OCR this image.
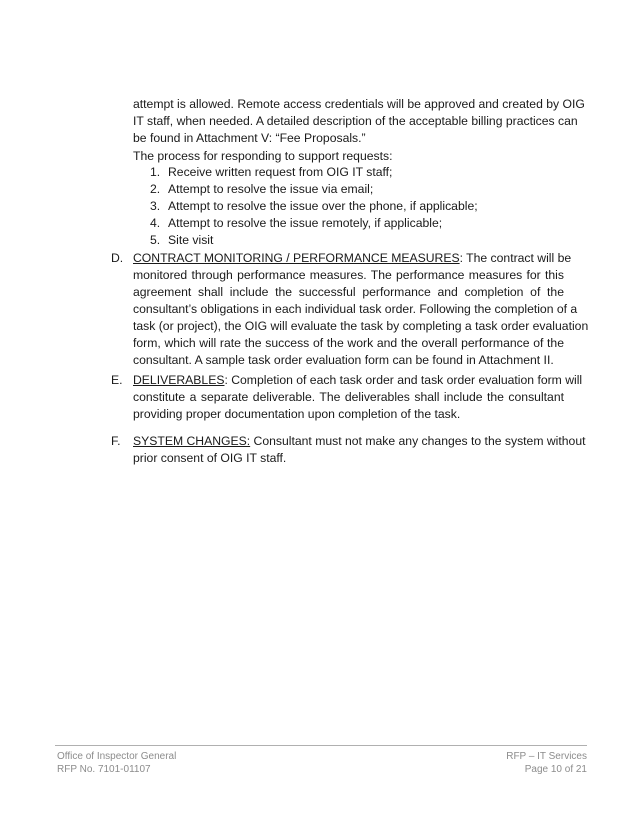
attempt is allowed. Remote access credentials will be approved and created by OIG
IT staff, when needed. A detailed description of the acceptable billing practices can
be found in Attachment V: “Fee Proposals.”
The process for responding to support requests:
1. Receive written request from OIG IT staff;
2. Attempt to resolve the issue via email;
3. Attempt to resolve the issue over the phone, if applicable;
4. Attempt to resolve the issue remotely, if applicable;
5. Site visit
D. CONTRACT MONITORING / PERFORMANCE MEASURES: The contract will be
monitored through performance measures. The performance measures for this
agreement shall include the successful performance and completion of the
consultant’s obligations in each individual task order. Following the completion of a
task (or project), the OIG will evaluate the task by completing a task order evaluation
form, which will rate the success of the work and the overall performance of the
consultant. A sample task order evaluation form can be found in Attachment II.
E. DELIVERABLES: Completion of each task order and task order evaluation form will
constitute a separate deliverable. The deliverables shall include the consultant
providing proper documentation upon completion of the task.
F. SYSTEM CHANGES: Consultant must not make any changes to the system without
prior consent of OIG IT staff.
Office of Inspector General
RFP No. 7101-01107
RFP – IT Services
Page 10 of 21
